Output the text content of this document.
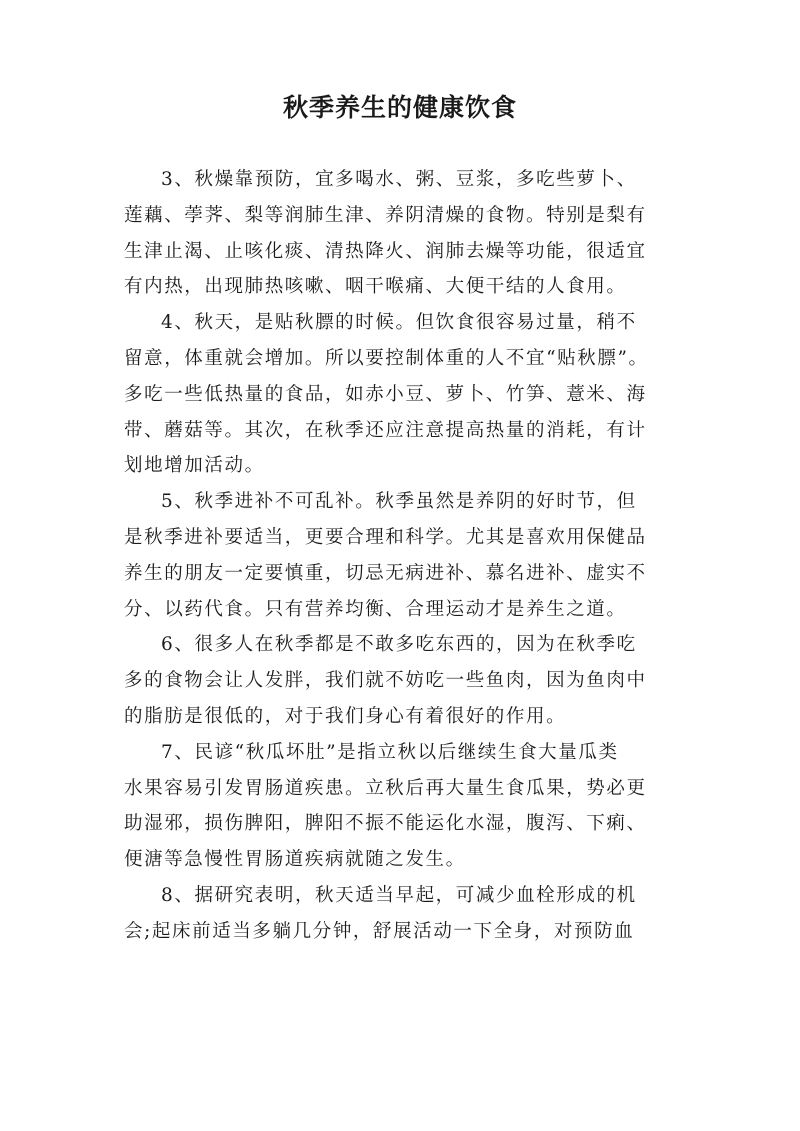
秋季养生的健康饮食

3、秋燥靠预防，宜多喝水、粥、豆浆，多吃些萝卜、
莲藕、荸荠、梨等润肺生津、养阴清燥的食物。特别是梨有
生津止渴、止咳化痰、清热降火、润肺去燥等功能，很适宜
有内热，出现肺热咳嗽、咽干喉痛、大便干结的人食用。

4、秋天，是贴秋膘的时候。但饮食很容易过量，稍不
留意，体重就会增加。所以要控制体重的人不宜“贴秋膘”。
多吃一些低热量的食品，如赤小豆、萝卜、竹笋、薏米、海
带、蘑菇等。其次，在秋季还应注意提高热量的消耗，有计
划地增加活动。

5、秋季进补不可乱补。秋季虽然是养阴的好时节，但
是秋季进补要适当，更要合理和科学。尤其是喜欢用保健品
养生的朋友一定要慎重，切忌无病进补、慕名进补、虚实不
分、以药代食。只有营养均衡、合理运动才是养生之道。

6、很多人在秋季都是不敢多吃东西的，因为在秋季吃
多的食物会让人发胖，我们就不妨吃一些鱼肉，因为鱼肉中
的脂肪是很低的，对于我们身心有着很好的作用。

7、民谚“秋瓜坏肚”是指立秋以后继续生食大量瓜类
水果容易引发胃肠道疾患。立秋后再大量生食瓜果，势必更
助湿邪，损伤脾阳，脾阳不振不能运化水湿，腹泻、下痢、
便溏等急慢性胃肠道疾病就随之发生。

8、据研究表明，秋天适当早起，可减少血栓形成的机
会;起床前适当多躺几分钟，舒展活动一下全身，对预防血
